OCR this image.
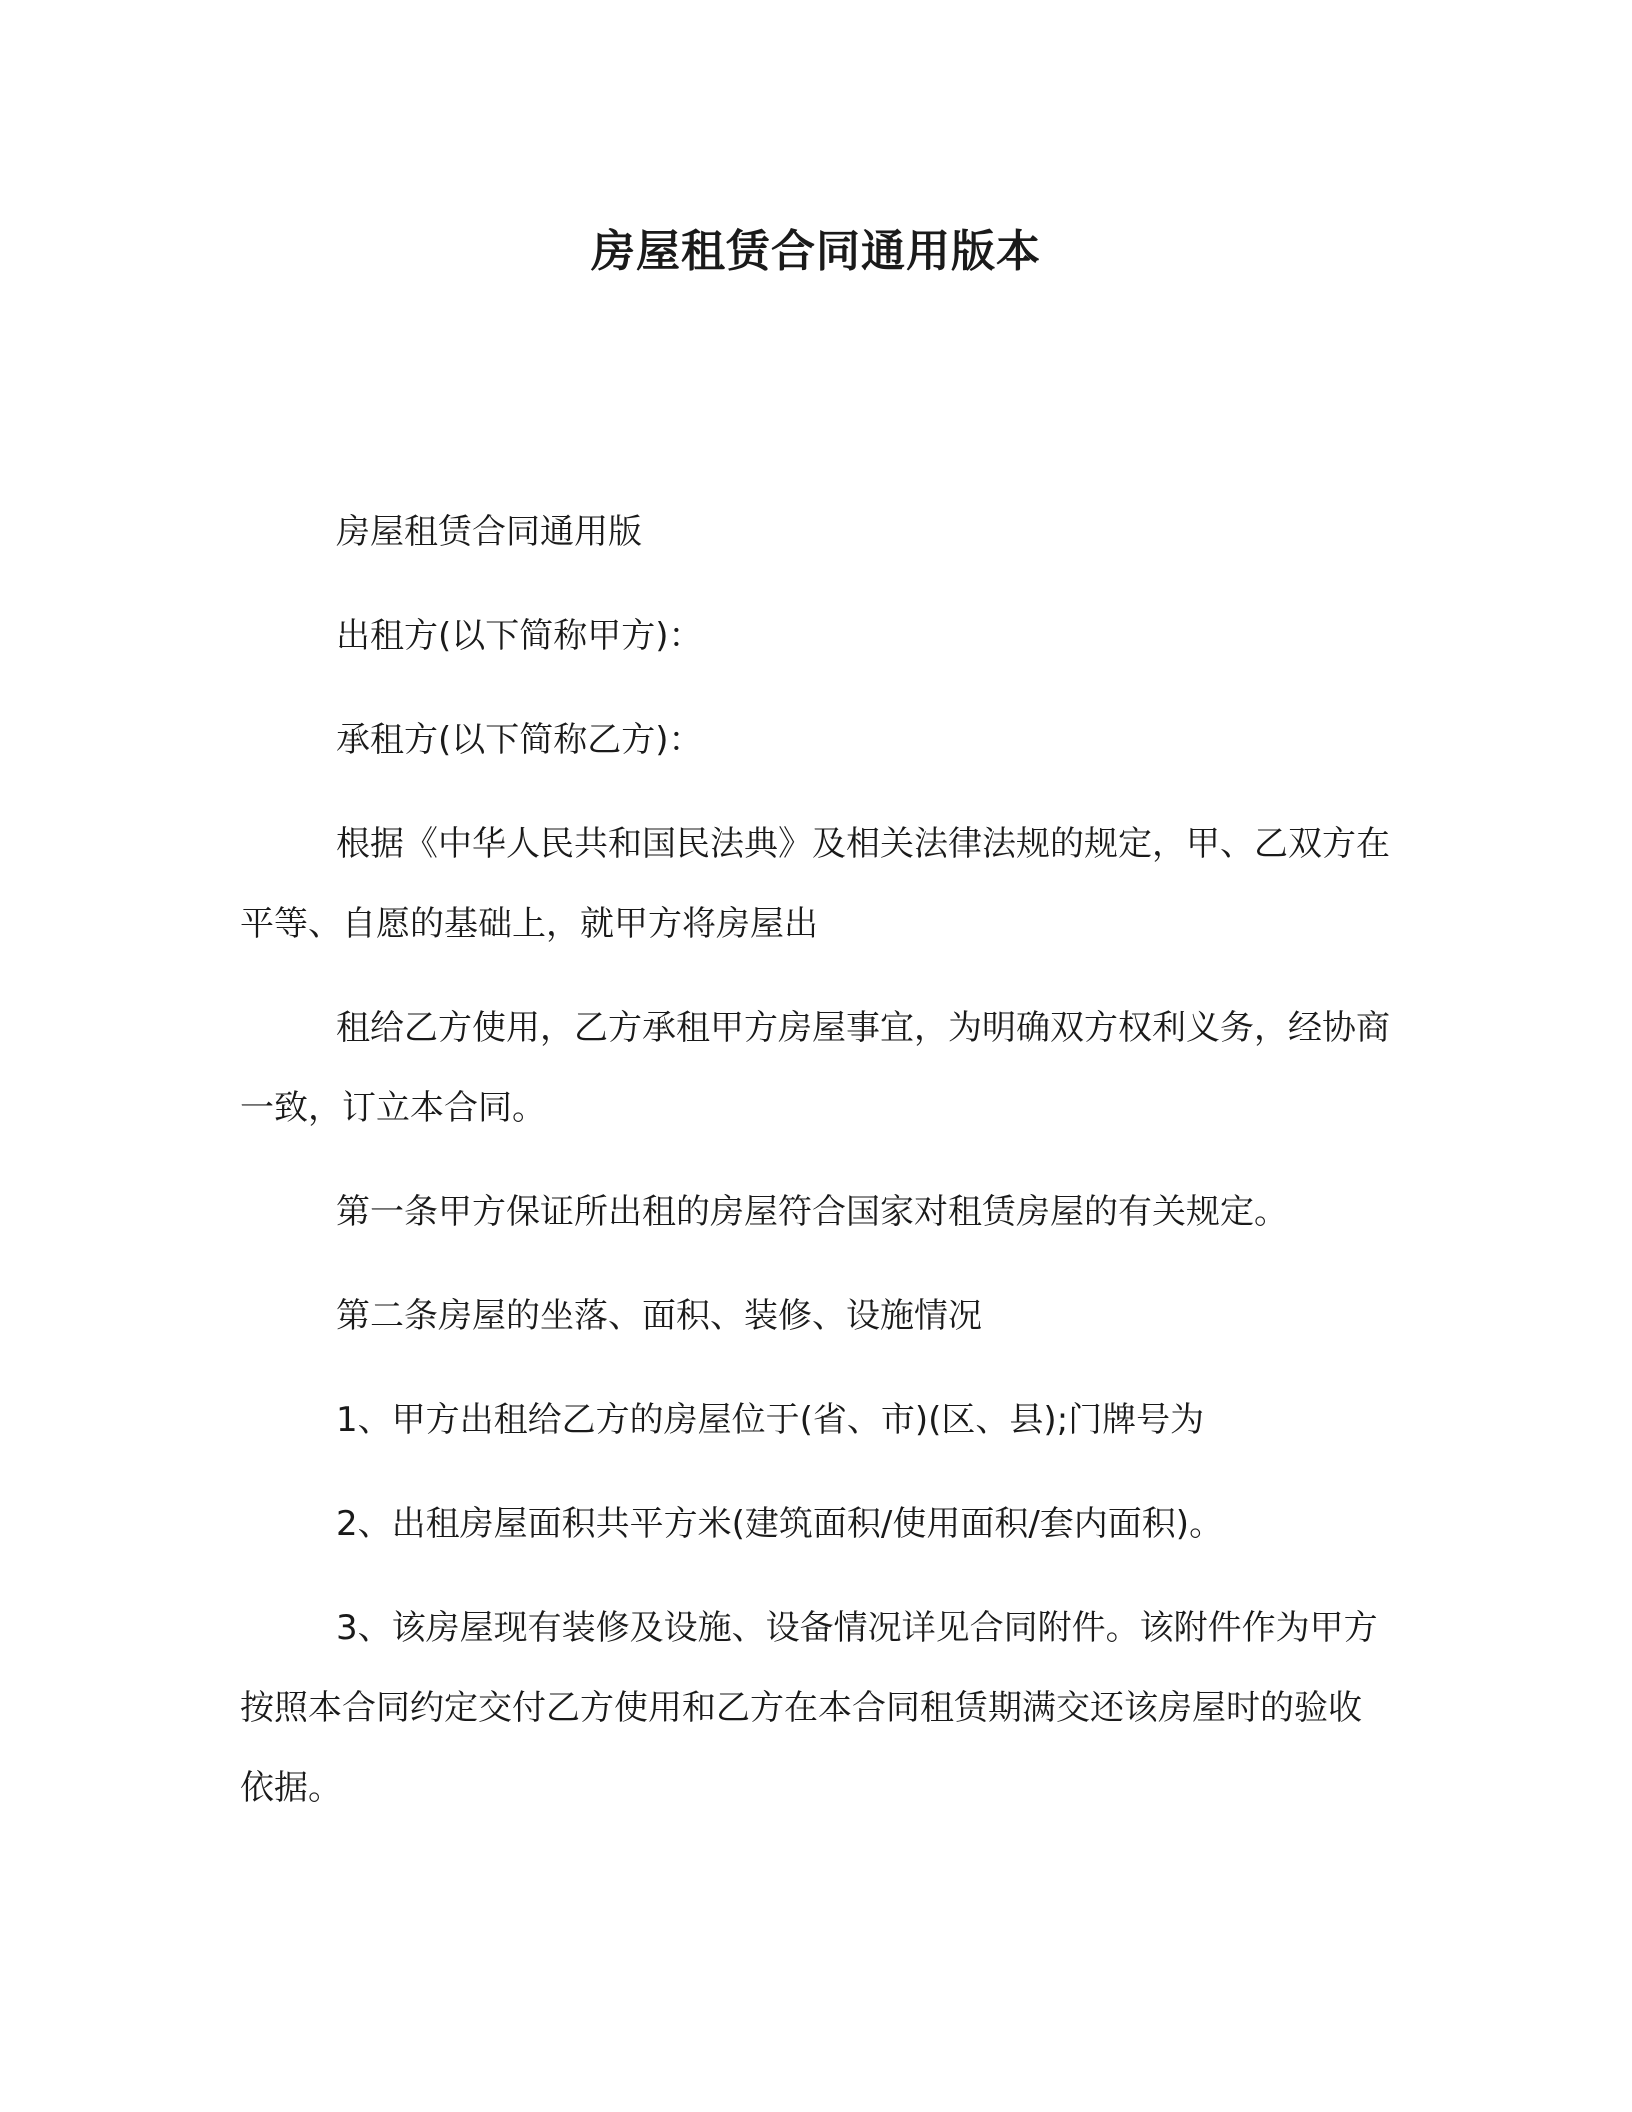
房屋租赁合同通用版本

房屋租赁合同通用版

出租方(以下简称甲方)：

承租方(以下简称乙方)：

根据《中华人民共和国民法典》及相关法律法规的规定，甲、乙双方在平等、自愿的基础上，就甲方将房屋出

租给乙方使用，乙方承租甲方房屋事宜，为明确双方权利义务，经协商一致，订立本合同。

第一条甲方保证所出租的房屋符合国家对租赁房屋的有关规定。

第二条房屋的坐落、面积、装修、设施情况

1、甲方出租给乙方的房屋位于(省、市)(区、县);门牌号为

2、出租房屋面积共平方米(建筑面积/使用面积/套内面积)。

3、该房屋现有装修及设施、设备情况详见合同附件。该附件作为甲方按照本合同约定交付乙方使用和乙方在本合同租赁期满交还该房屋时的验收依据。
